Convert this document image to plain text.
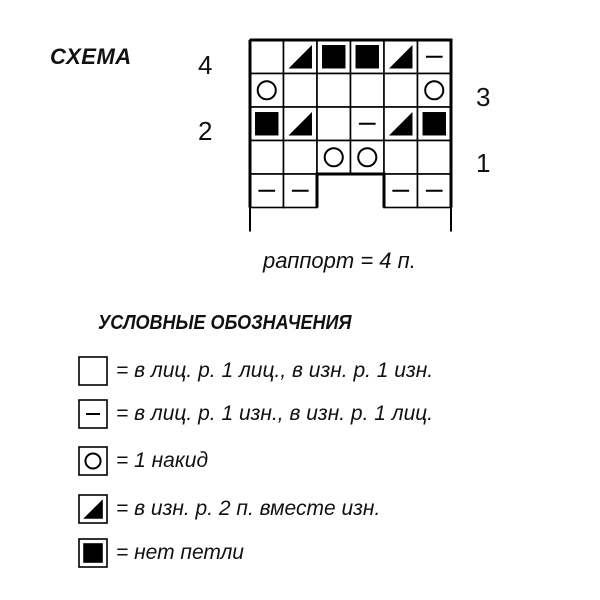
СХЕМА	4
3
2
1
раппорт = 4 п.
УСЛОВНЫЕ ОБОЗНАЧЕНИЯ
= в лиц. р. 1 лиц., в изн. р. 1 изн.
= в лиц. р. 1 изн., в изн. р. 1 лиц.
= 1 накид
= в изн. р. 2 п. вместе изн.
= нет петли
